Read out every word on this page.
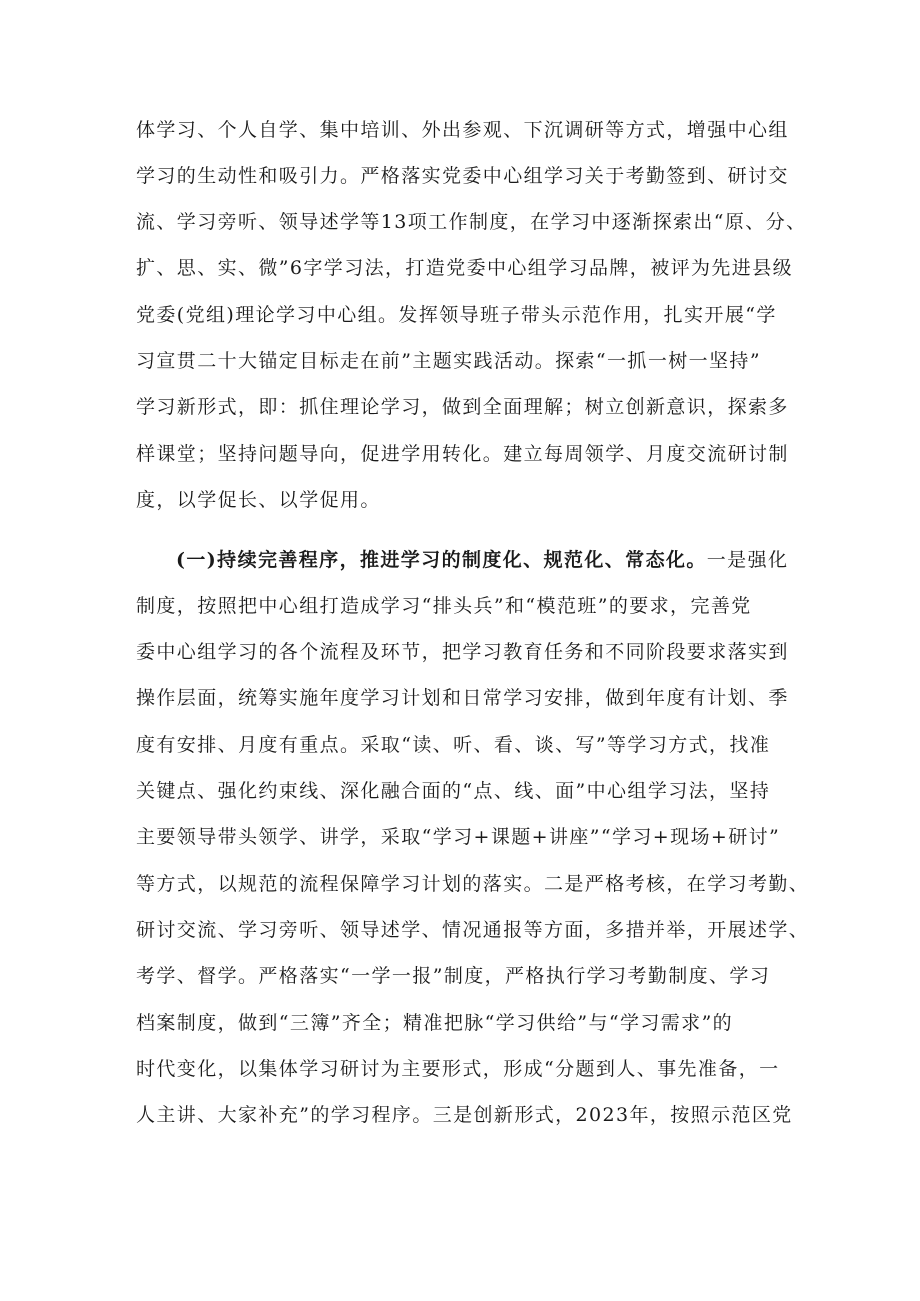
体学习、个人自学、集中培训、外出参观、下沉调研等方式，增强中心组
学习的生动性和吸引力。严格落实党委中心组学习关于考勤签到、研讨交
流、学习旁听、领导述学等13项工作制度，在学习中逐渐探索出“原、分、
扩、思、实、微”6字学习法，打造党委中心组学习品牌，被评为先进县级
党委(党组)理论学习中心组。发挥领导班子带头示范作用，扎实开展“学
习宣贯二十大锚定目标走在前”主题实践活动。探索“一抓一树一坚持”
学习新形式，即：抓住理论学习，做到全面理解；树立创新意识，探索多
样课堂；坚持问题导向，促进学用转化。建立每周领学、月度交流研讨制
度，以学促长、以学促用。
(一)持续完善程序，推进学习的制度化、规范化、常态化。一是强化
制度，按照把中心组打造成学习“排头兵”和“模范班”的要求，完善党
委中心组学习的各个流程及环节，把学习教育任务和不同阶段要求落实到
操作层面，统筹实施年度学习计划和日常学习安排，做到年度有计划、季
度有安排、月度有重点。采取“读、听、看、谈、写”等学习方式，找准
关键点、强化约束线、深化融合面的“点、线、面”中心组学习法，坚持
主要领导带头领学、讲学，采取“学习+课题+讲座”“学习+现场+研讨”
等方式，以规范的流程保障学习计划的落实。二是严格考核，在学习考勤、
研讨交流、学习旁听、领导述学、情况通报等方面，多措并举，开展述学、
考学、督学。严格落实“一学一报”制度，严格执行学习考勤制度、学习
档案制度，做到“三簿”齐全；精准把脉“学习供给”与“学习需求”的
时代变化，以集体学习研讨为主要形式，形成“分题到人、事先准备，一
人主讲、大家补充”的学习程序。三是创新形式，2023年，按照示范区党
